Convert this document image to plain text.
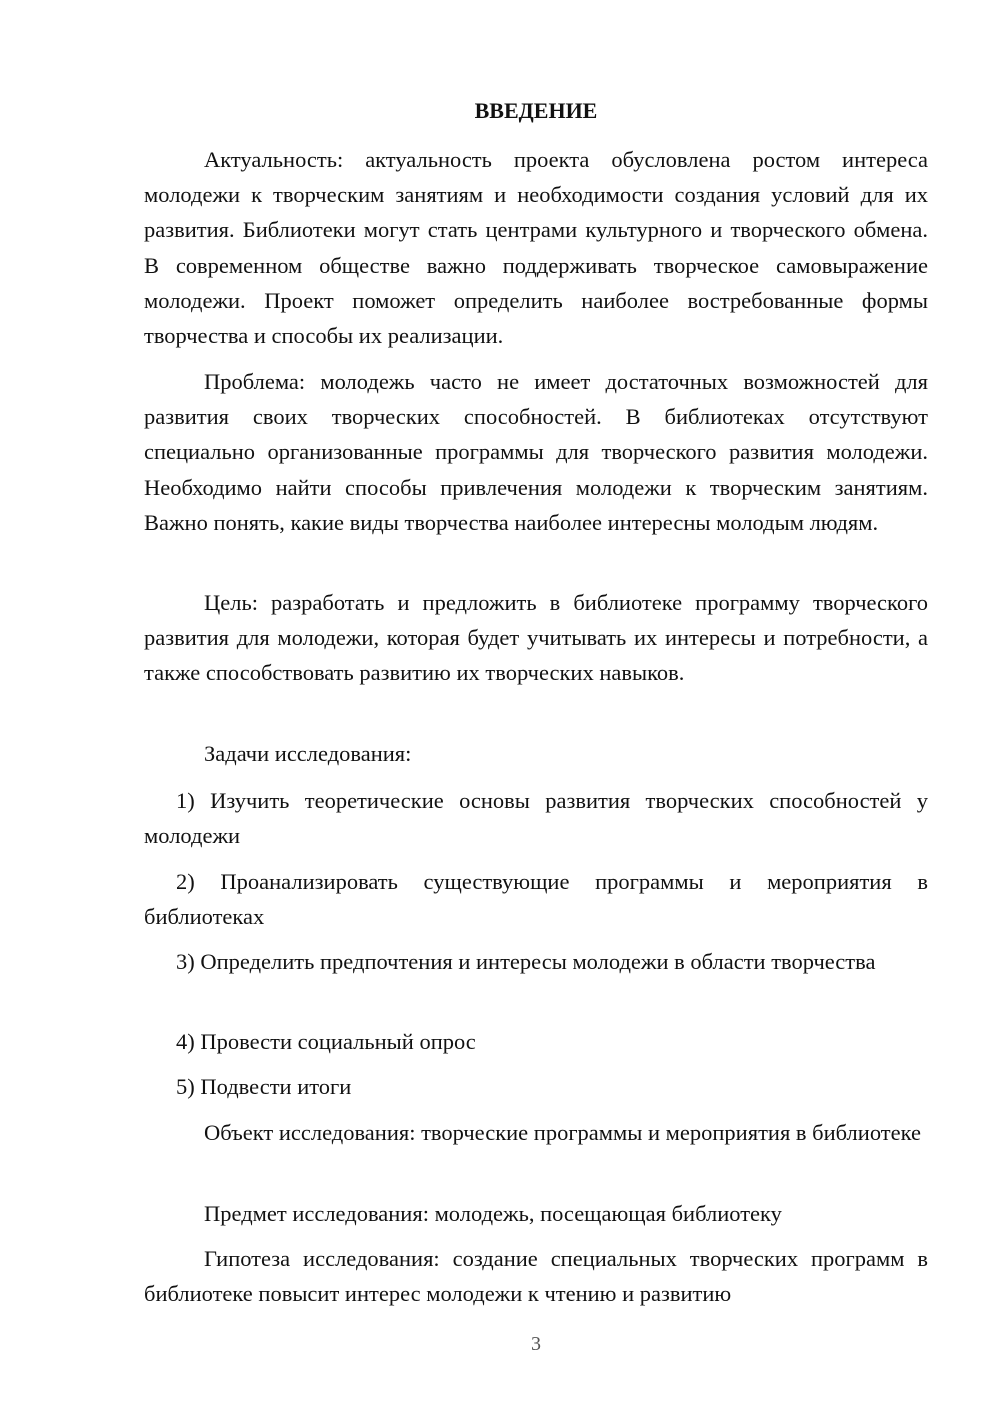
ВВЕДЕНИЕ

Актуальность: актуальность проекта обусловлена ростом интереса молодежи к творческим занятиям и необходимости создания условий для их развития. Библиотеки могут стать центрами культурного и творческого обмена. В современном обществе важно поддерживать творческое самовыражение молодежи. Проект поможет определить наиболее востребованные формы творчества и способы их реализации.

Проблема: молодежь часто не имеет достаточных возможностей для развития своих творческих способностей. В библиотеках отсутствуют специально организованные программы для творческого развития молодежи. Необходимо найти способы привлечения молодежи к творческим занятиям. Важно понять, какие виды творчества наиболее интересны молодым людям.

Цель: разработать и предложить в библиотеке программу творческого развития для молодежи, которая будет учитывать их интересы и потребности, а также способствовать развитию их творческих навыков.

Задачи исследования:

1) Изучить теоретические основы развития творческих способностей у молодежи

2) Проанализировать существующие программы и мероприятия в библиотеках

3) Определить предпочтения и интересы молодежи в области творчества

4) Провести социальный опрос

5) Подвести итоги

Объект исследования: творческие программы и мероприятия в библиотеке

Предмет исследования: молодежь, посещающая библиотеку

Гипотеза исследования: создание специальных творческих программ в библиотеке повысит интерес молодежи к чтению и развитию

3
